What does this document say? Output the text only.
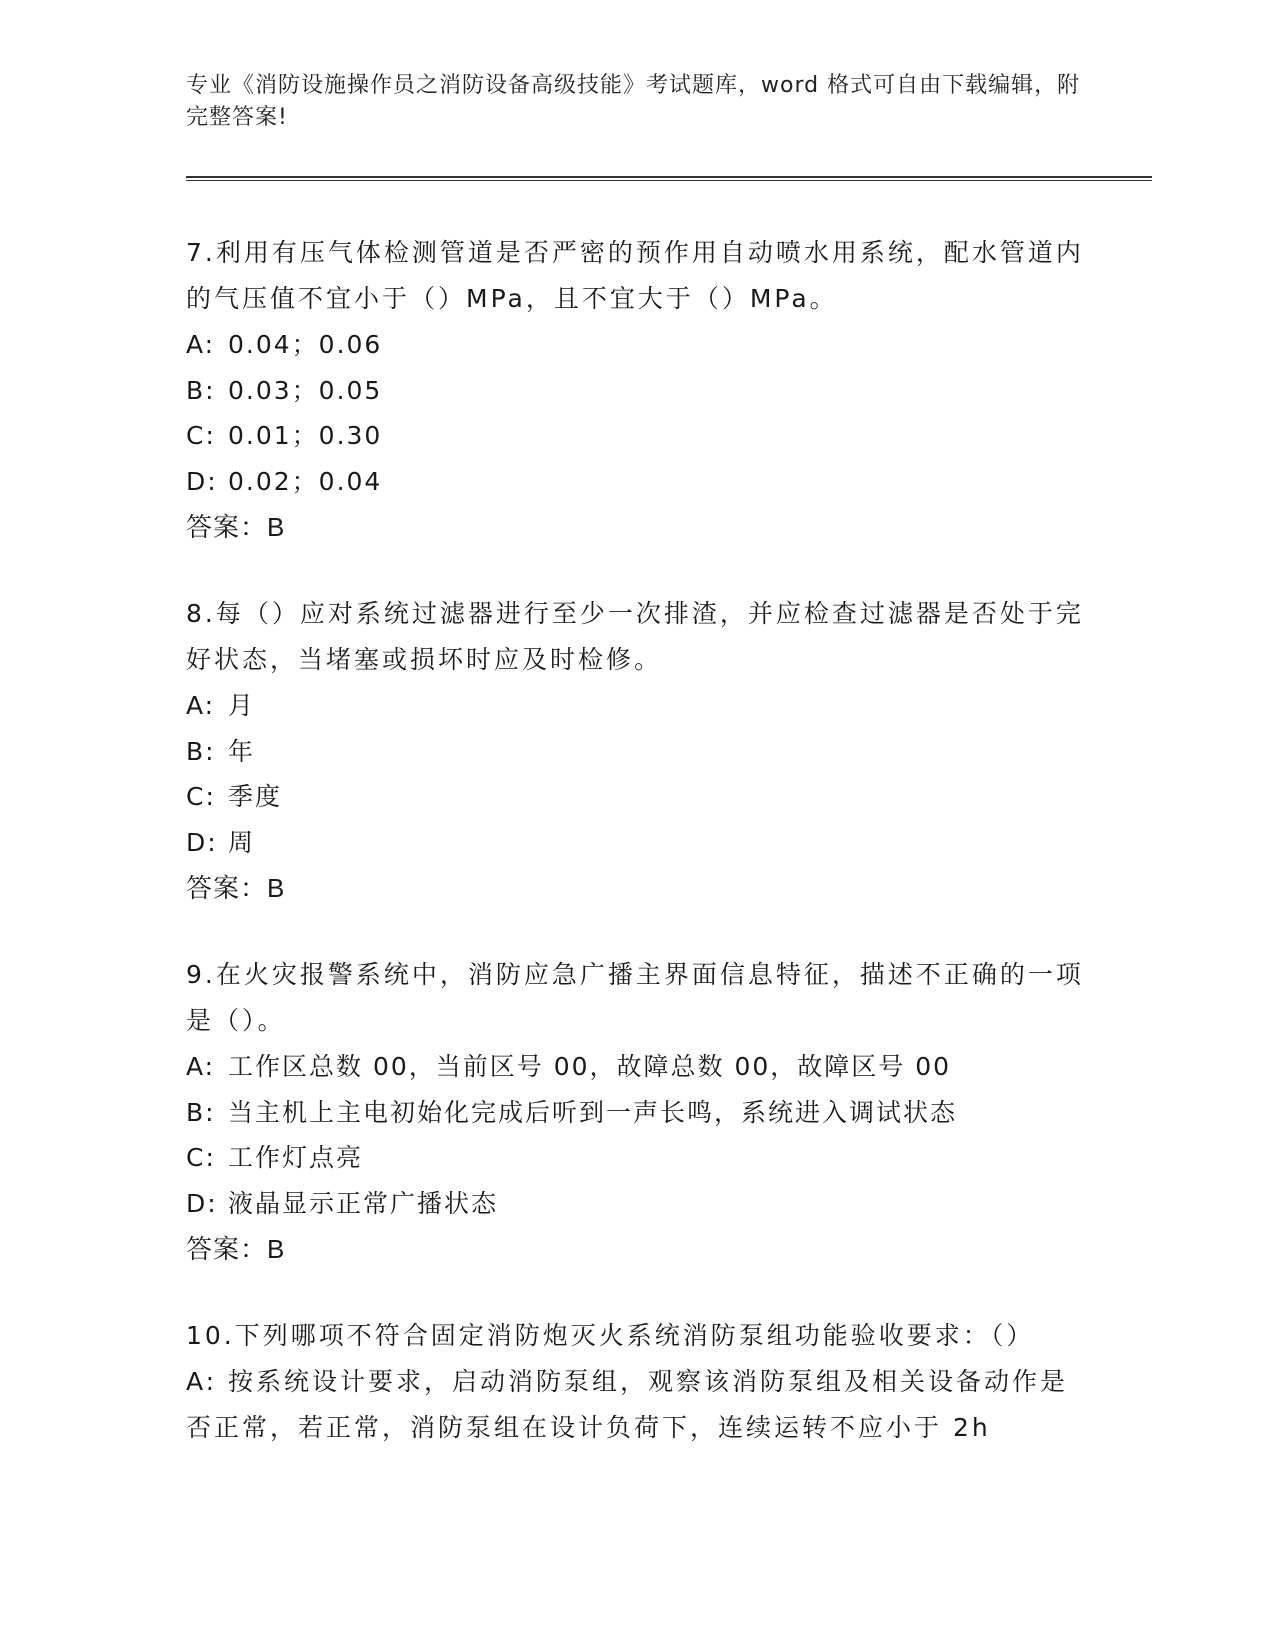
专业《消防设施操作员之消防设备高级技能》考试题库，word 格式可自由下载编辑，附完整答案!

7.利用有压气体检测管道是否严密的预作用自动喷水用系统，配水管道内的气压值不宜小于（）MPa，且不宜大于（）MPa。

A: 0.04；0.06

B: 0.03；0.05

C: 0.01；0.30

D: 0.02；0.04

答案：B

8.每（）应对系统过滤器进行至少一次排渣，并应检查过滤器是否处于完好状态，当堵塞或损坏时应及时检修。

A: 月

B: 年

C: 季度

D: 周

答案：B

9.在火灾报警系统中，消防应急广播主界面信息特征，描述不正确的一项是（）。

A: 工作区总数 00，当前区号 00，故障总数 00，故障区号 00

B: 当主机上主电初始化完成后听到一声长鸣，系统进入调试状态

C: 工作灯点亮

D: 液晶显示正常广播状态

答案：B

10.下列哪项不符合固定消防炮灭火系统消防泵组功能验收要求：（）

A: 按系统设计要求，启动消防泵组，观察该消防泵组及相关设备动作是否正常，若正常，消防泵组在设计负荷下，连续运转不应小于 2h
